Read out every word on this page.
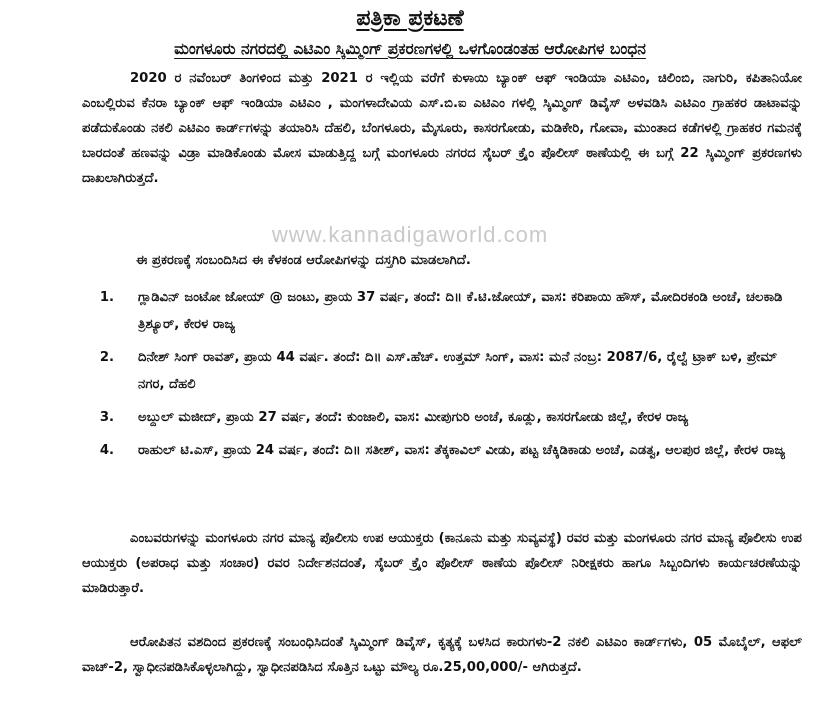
ಪತ್ರಿಕಾ ಪ್ರಕಟಣೆ
ಮಂಗಳೂರು ನಗರದಲ್ಲಿ ಎಟಿಎಂ ಸ್ಕಿಮ್ಮಿಂಗ್ ಪ್ರಕರಣಗಳಲ್ಲಿ ಒಳಗೊಂಡಂತಹ ಆರೋಪಿಗಳ ಬಂಧನ

2020 ರ ನವೆಂಬರ್ ತಿಂಗಳಿಂದ ಮತ್ತು 2021 ರ ಇಲ್ಲಿಯ ವರೆಗೆ ಕುಳಾಯಿ ಬ್ಯಾಂಕ್ ಆಫ್ ಇಂಡಿಯಾ ಎಟಿಎಂ, ಚಿಲಿಂಬಿ, ನಾಗುರಿ, ಕಪಿತಾನಿಯೋ ಎಂಬಲ್ಲಿರುವ ಕೆನರಾ ಬ್ಯಾಂಕ್ ಆಫ್ ಇಂಡಿಯಾ ಎಟಿಎಂ , ಮಂಗಳಾದೇವಿಯ ಎಸ್.ಬಿ.ಐ ಎಟಿಎಂ ಗಳಲ್ಲಿ ಸ್ಕಿಮ್ಮಿಂಗ್ ಡಿವೈಸ್ ಅಳವಡಿಸಿ ಎಟಿಎಂ ಗ್ರಾಹಕರ ಡಾಟಾವನ್ನು ಪಡೆದುಕೊಂಡು ನಕಲಿ ಎಟಿಎಂ ಕಾರ್ಡ್‌ಗಳನ್ನು ತಯಾರಿಸಿ ದೆಹಲಿ, ಬೆಂಗಳೂರು, ಮೈಸೂರು, ಕಾಸರಗೋಡು, ಮಡಿಕೇರಿ, ಗೋವಾ, ಮುಂತಾದ ಕಡೆಗಳಲ್ಲಿ ಗ್ರಾಹಕರ ಗಮನಕ್ಕೆ ಬಾರದಂತೆ ಹಣವನ್ನು ವಿಡ್ರಾ ಮಾಡಿಕೊಂಡು ಮೋಸ ಮಾಡುತ್ತಿದ್ದ ಬಗ್ಗೆ ಮಂಗಳೂರು ನಗರದ ಸೈಬರ್ ಕ್ರೈಂ ಪೊಲೀಸ್ ಠಾಣೆಯಲ್ಲಿ ಈ ಬಗ್ಗೆ 22 ಸ್ಕಿಮ್ಮಿಂಗ್ ಪ್ರಕರಣಗಳು ದಾಖಲಾಗಿರುತ್ತದೆ.

www.kannadigaworld.com

ಈ ಪ್ರಕರಣಕ್ಕೆ ಸಂಬಂದಿಸಿದ ಈ ಕೆಳಕಂಡ ಆರೋಪಿಗಳನ್ನು ದಸ್ತಗಿರಿ ಮಾಡಲಾಗಿದೆ.

1. ಗ್ಲಾಡಿವಿನ್ ಜಂಟೋ ಜೋಯ್ @ ಜಂಟು, ಪ್ರಾಯ 37 ವರ್ಷ, ತಂದೆ: ದಿ॥ ಕೆ.ಟಿ.ಜೋಯ್, ವಾಸ: ಕರಿಪಾಯಿ ಹೌಸ್, ಮೋದಿರಕಂಡಿ ಅಂಚೆ, ಚಲಕಾಡಿ ತ್ರಿಶ್ಯೂರ್, ಕೇರಳ ರಾಜ್ಯ
2. ದಿನೇಶ್ ಸಿಂಗ್ ರಾವತ್, ಪ್ರಾಯ 44 ವರ್ಷ. ತಂದೆ: ದಿ॥ ಎಸ್.ಹೆಚ್. ಉತ್ತಮ್ ಸಿಂಗ್, ವಾಸ: ಮನೆ ನಂಬ್ರ: 2087/6, ರೈಲ್ವೆ ಟ್ರಾಕ್ ಬಳಿ, ಪ್ರೇಮ್ ನಗರ, ದೆಹಲಿ
3. ಅಬ್ದುಲ್ ಮಜೀದ್, ಪ್ರಾಯ 27 ವರ್ಷ, ತಂದೆ: ಕುಂಜಾಲಿ, ವಾಸ: ಮೀಪುಗುರಿ ಅಂಚೆ, ಕೂಡ್ಲು, ಕಾಸರಗೋಡು ಜಿಲ್ಲೆ, ಕೇರಳ ರಾಜ್ಯ
4. ರಾಹುಲ್ ಟಿ.ಎಸ್, ಪ್ರಾಯ 24 ವರ್ಷ, ತಂದೆ: ದಿ॥ ಸತೀಶ್, ವಾಸ: ತೆಕ್ಕಕಾವಿಲ್ ವೀಡು, ಪಟ್ಟ ಚೆಕ್ಕಿಡಿಕಾಡು ಅಂಚೆ, ಎಡತ್ವ, ಆಲಪುರ ಜಿಲ್ಲೆ, ಕೇರಳ ರಾಜ್ಯ

ಎಂಬವರುಗಳನ್ನು ಮಂಗಳೂರು ನಗರ ಮಾನ್ಯ ಪೊಲೀಸು ಉಪ ಆಯುಕ್ತರು (ಕಾನೂನು ಮತ್ತು ಸುವ್ಯವಸ್ಥೆ) ರವರ ಮತ್ತು ಮಂಗಳೂರು ನಗರ ಮಾನ್ಯ ಪೊಲೀಸು ಉಪ ಆಯುಕ್ತರು (ಅಪರಾಧ ಮತ್ತು ಸಂಚಾರ) ರವರ ನಿರ್ದೇಶನದಂತೆ, ಸೈಬರ್ ಕ್ರೈಂ ಪೊಲೀಸ್ ಠಾಣೆಯ ಪೊಲೀಸ್ ನಿರೀಕ್ಷಕರು ಹಾಗೂ ಸಿಬ್ಬಂದಿಗಳು ಕಾರ್ಯಚರಣೆಯನ್ನು ಮಾಡಿರುತ್ತಾರೆ.

ಆರೋಪಿತನ ವಶದಿಂದ ಪ್ರಕರಣಕ್ಕೆ ಸಂಬಂಧಿಸಿದಂತೆ ಸ್ಕಿಮ್ಮಿಂಗ್ ಡಿವೈಸ್, ಕೃತ್ಯಕ್ಕೆ ಬಳಸಿದ ಕಾರುಗಳು-2 ನಕಲಿ ಎಟಿಎಂ ಕಾರ್ಡ್‌ಗಳು, 05 ಮೊಬೈಲ್, ಆಫಲ್ ವಾಚ್-2, ಸ್ವಾಧೀನಪಡಿಸಿಕೊಳ್ಳಲಾಗಿದ್ದು, ಸ್ವಾಧೀನಪಡಿಸಿದ ಸೊತ್ತಿನ ಒಟ್ಟು ಮೌಲ್ಯ ರೂ.25,00,000/- ಆಗಿರುತ್ತದೆ.
